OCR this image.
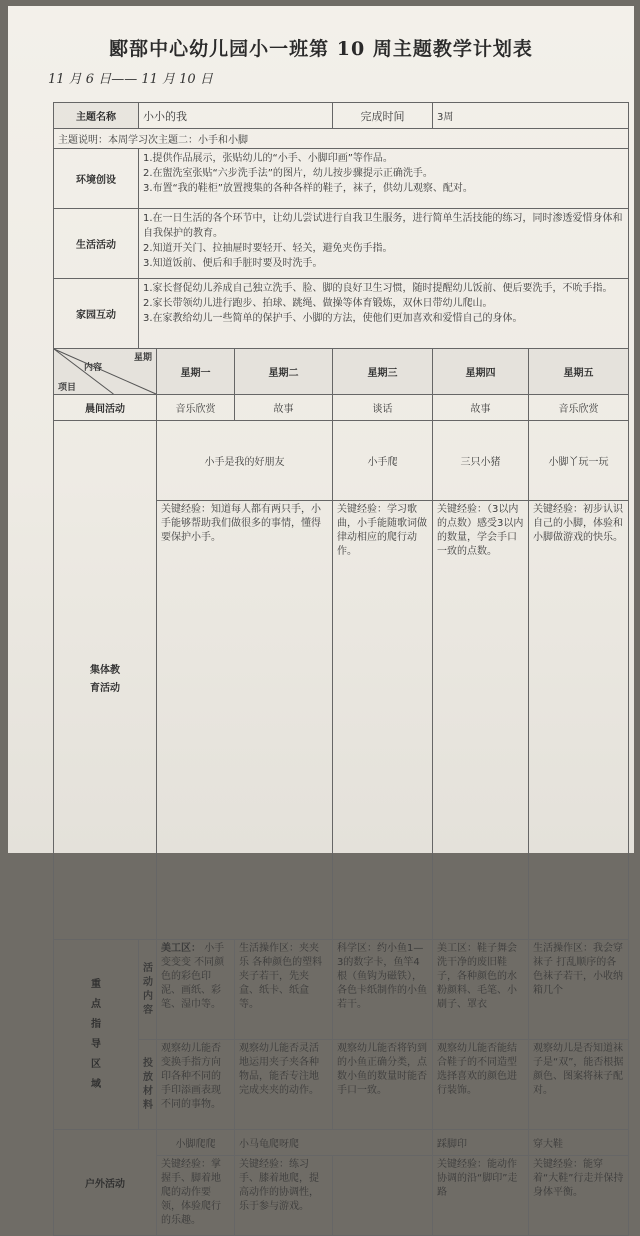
郾郚中心幼儿园小一班第 10 周主题教学计划表
11 月 6 日—— 11 月 10 日
主题名称	小小的我			完成时间	3周		
主题说明：本周学习次主题二：小手和小脚							
环境创设	1.提供作品展示，张贴幼儿的“小手、小脚印画”等作品。
2.在盥洗室张贴“六步洗手法”的图片，幼儿按步骤提示正确洗手。
3.布置“我的鞋柜”放置搜集的各种各样的鞋子，袜子，供幼儿观察、配对。						

生活活动	1.在一日生活的各个环节中，让幼儿尝试进行自我卫生服务，进行简单生活技能的练习，同时渗透爱惜身体和自我保护的教育。
2.知道开关门、拉抽屉时要轻开、轻关，避免夹伤手指。
3.知道饭前、便后和手脏时要及时洗手。						

家园互动	1.家长督促幼儿养成自己独立洗手、脸、脚的良好卫生习惯，随时提醒幼儿饭前、便后要洗手，不吮手指。
2.家长带领幼儿进行跑步、拍球、跳绳、做操等体育锻炼，双休日带幼儿爬山。
3.在家教给幼儿一些简单的保护手、小脚的方法，使他们更加喜欢和爱惜自己的身体。						

星期
内容
项目		星期一	星期二	星期三	星期四	星期五	
晨间活动		音乐欣赏	故事	谈话	故事	音乐欣赏	
集体教育活动		小手是我的好朋友		小手爬	三只小猪	小脚丫玩一玩	
		关键经验：知道每人都有两只手，小手能够帮助我们做很多的事情，懂得要保护小手。		关键经验：学习歌曲，小手能随歌词做律动相应的爬行动作。	关键经验：（3以内的点数）感受3以内的数量，学会手口一致的点数。	关键经验：初步认识自己的小脚，体验和小脚做游戏的快乐。	
重点指导区域	活动内容	美工区： 小手变变变 不同颜色的彩色印泥、画纸、彩笔、湿巾等。	生活操作区：夹夹乐 各种颜色的塑料夹子若干，先夹盒、纸卡、纸盒等。	科学区：约小鱼1—3的数字卡，鱼竿4根（鱼钩为磁铁），各色卡纸制作的小鱼若干。	美工区：鞋子舞会 洗干净的废旧鞋子，各种颜色的水粉颜料、毛笔、小刷子、罩衣	生活操作区：我会穿袜子 打乱顺序的各色袜子若干，小收纳箱几个	
	投放材料	观察幼儿能否变换手指方向印各种不同的手印添画表现不同的事物。	观察幼儿能否灵活地运用夹子夹各种物品，能否专注地完成夹夹的动作。	观察幼儿能否将钓到的小鱼正确分类，点数小鱼的数量时能否手口一致。	观察幼儿能否能结合鞋子的不同造型选择喜欢的颜色进行装饰。	观察幼儿是否知道袜子是“双”，能否根据颜色、图案将袜子配对。	
户外活动		小脚爬爬	小马龟爬呀爬		踩脚印	穿大鞋	
		关键经验：掌握手、脚着地爬的动作要领，体验爬行的乐趣。	关键经验：练习手、膝着地爬，提高动作的协调性，乐于参与游戏。		关键经验：能动作协调的沿“脚印”走路	关键经验：能穿着“大鞋”行走并保持身体平衡。	
